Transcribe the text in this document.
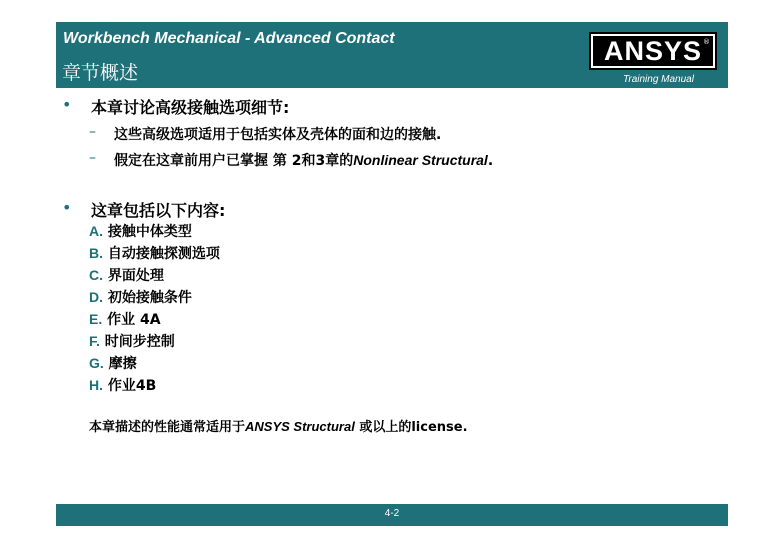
Workbench Mechanical - Advanced Contact
章节概述
ANSYS ®
Training Manual
• 本章讨论高级接触选项细节:
– 这些高级选项适用于包括实体及壳体的面和边的接触.
– 假定在这章前用户已掌握 第 2和3章的Nonlinear Structural.
• 这章包括以下内容:
A. 接触中体类型
B. 自动接触探测选项
C. 界面处理
D. 初始接触条件
E. 作业 4A
F. 时间步控制
G. 摩擦
H. 作业4B
本章描述的性能通常适用于ANSYS Structural 或以上的license.
4-2
